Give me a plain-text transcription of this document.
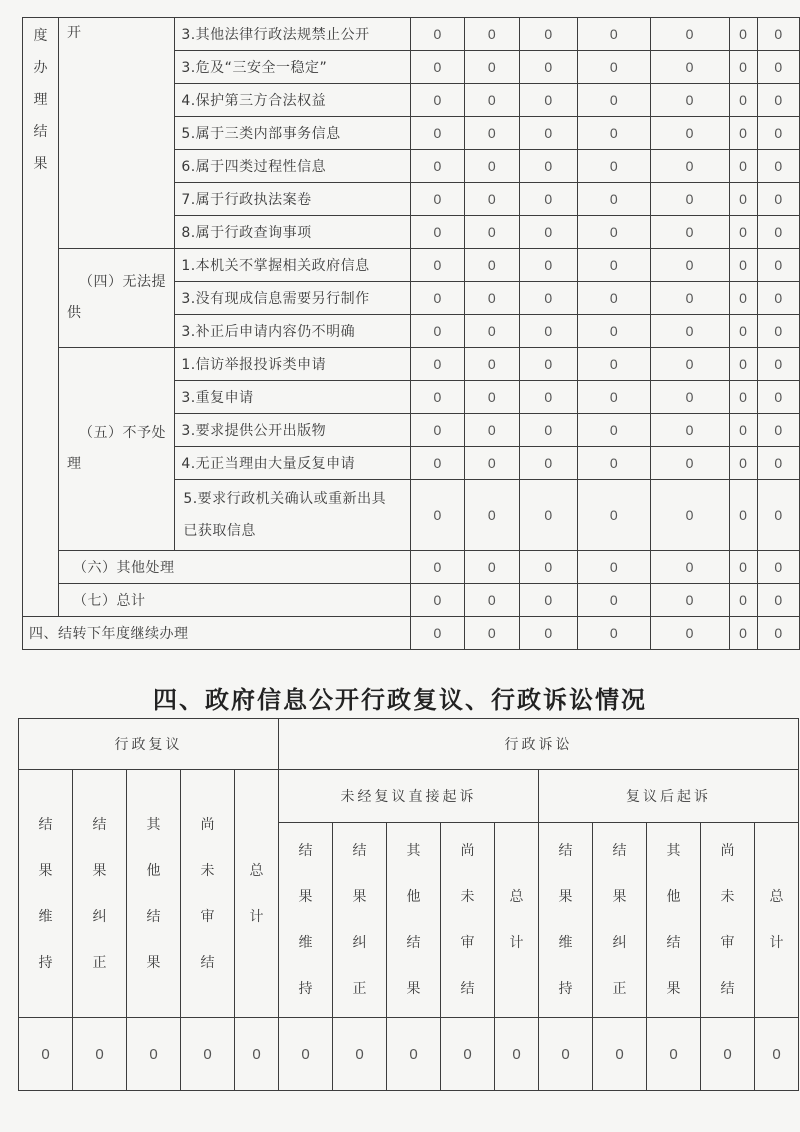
度办理结果	开	3.其他法律行政法规禁止公开	0	0	0	0	0	0	0
		3.危及“三安全一稳定”	0	0	0	0	0	0	0
		4.保护第三方合法权益	0	0	0	0	0	0	0
		5.属于三类内部事务信息	0	0	0	0	0	0	0
		6.属于四类过程性信息	0	0	0	0	0	0	0
		7.属于行政执法案卷	0	0	0	0	0	0	0
		8.属于行政查询事项	0	0	0	0	0	0	0
	（四）无法提供	1.本机关不掌握相关政府信息	0	0	0	0	0	0	0
		3.没有现成信息需要另行制作	0	0	0	0	0	0	0
		3.补正后申请内容仍不明确	0	0	0	0	0	0	0
	（五）不予处理	1.信访举报投诉类申请	0	0	0	0	0	0	0
		3.重复申请	0	0	0	0	0	0	0
		3.要求提供公开出版物	0	0	0	0	0	0	0
		4.无正当理由大量反复申请	0	0	0	0	0	0	0
		5.要求行政机关确认或重新出具已获取信息	0	0	0	0	0	0	0
	（六）其他处理		0	0	0	0	0	0	0
	（七）总计		0	0	0	0	0	0	0
四、结转下年度继续办理			0	0	0	0	0	0	0
四、政府信息公开行政复议、行政诉讼情况
行政复议					行政诉讼									

结果维持	结果纠正	其他结果	尚未审结	总计	未经复议直接起诉					复议后起诉				

					结果维持	结果纠正	其他结果	尚未审结	总计	结果维持	结果纠正	其他结果	尚未审结	总计

0	0	0	0	0	0	0	0	0	0	0	0	0	0	0
